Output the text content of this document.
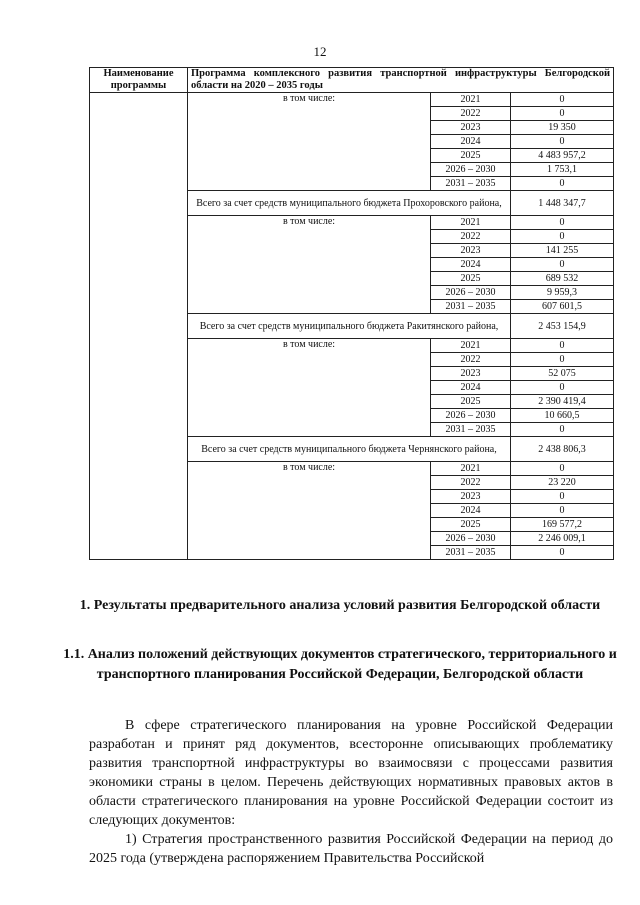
12
Наименование программы	Программа комплексного развития транспортной инфраструктуры Белгородской области на 2020 – 2035 годы		
	в том числе:	2021	0
		2022	0
		2023	19 350
		2024	0
		2025	4 483 957,2
		2026 – 2030	1 753,1
		2031 – 2035	0
	Всего за счет средств муниципального бюджета Прохоровского района,		1 448 347,7
	в том числе:	2021	0
		2022	0
		2023	141 255
		2024	0
		2025	689 532
		2026 – 2030	9 959,3
		2031 – 2035	607 601,5
	Всего за счет средств муниципального бюджета Ракитянского района,		2 453 154,9
	в том числе:	2021	0
		2022	0
		2023	52 075
		2024	0
		2025	2 390 419,4
		2026 – 2030	10 660,5
		2031 – 2035	0
	Всего за счет средств муниципального бюджета Чернянского района,		2 438 806,3
	в том числе:	2021	0
		2022	23 220
		2023	0
		2024	0
		2025	169 577,2
		2026 – 2030	2 246 009,1
		2031 – 2035	0
1. Результаты предварительного анализа условий развития Белгородской области
1.1. Анализ положений действующих документов стратегического, территориального и транспортного планирования Российской Федерации, Белгородской области
В сфере стратегического планирования на уровне Российской Федерации разработан и принят ряд документов, всесторонне описывающих проблематику развития транспортной инфраструктуры во взаимосвязи с процессами развития экономики страны в целом. Перечень действующих нормативных правовых актов в области стратегического планирования на уровне Российской Федерации состоит из следующих документов:
1) Стратегия пространственного развития Российской Федерации на период до 2025 года (утверждена распоряжением Правительства Российской
